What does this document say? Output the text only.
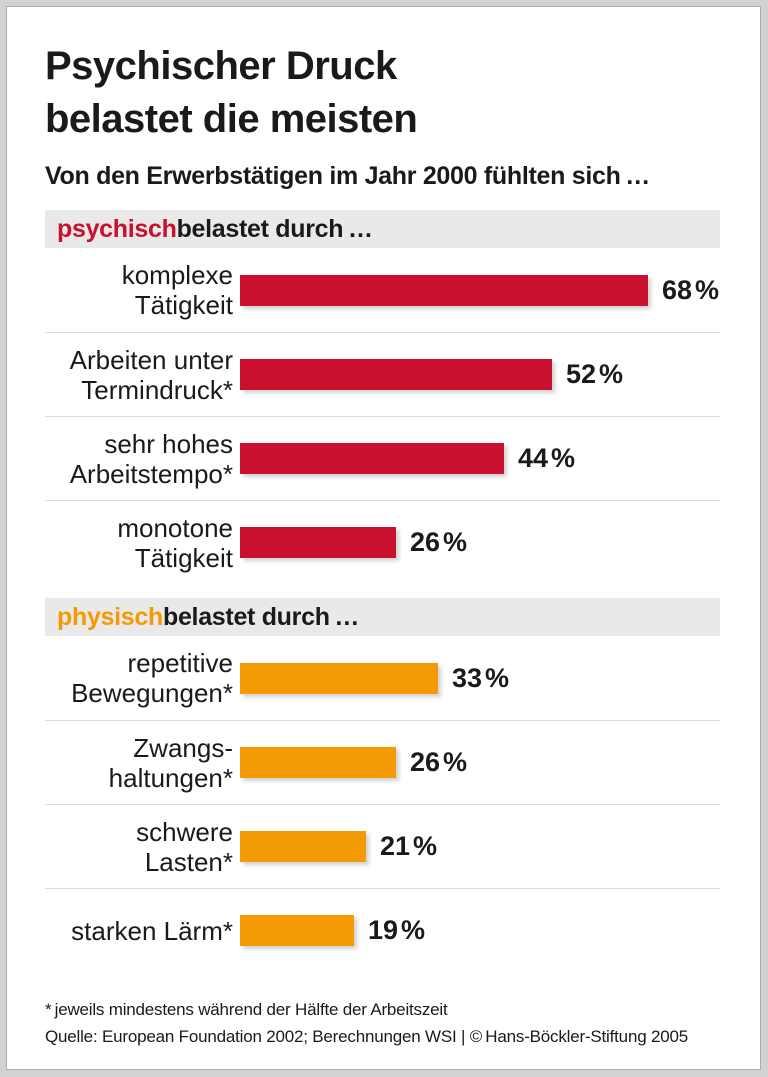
Psychischer Druck
belastet die meisten
Von den Erwerbstätigen im Jahr 2000 fühlten sich …
psychisch belastet durch …
komplexe
Tätigkeit
68 %
Arbeiten unter
Termindruck*
52 %
sehr hohes
Arbeitstempo*
44 %
monotone
Tätigkeit
26 %
physisch belastet durch …
repetitive
Bewegungen*
33 %
Zwangs-
haltungen*
26 %
schwere
Lasten*
21 %
starken Lärm*	19 %
* jeweils mindestens während der Hälfte der Arbeitszeit
Quelle: European Foundation 2002; Berechnungen WSI | © Hans-Böckler-Stiftung 2005
